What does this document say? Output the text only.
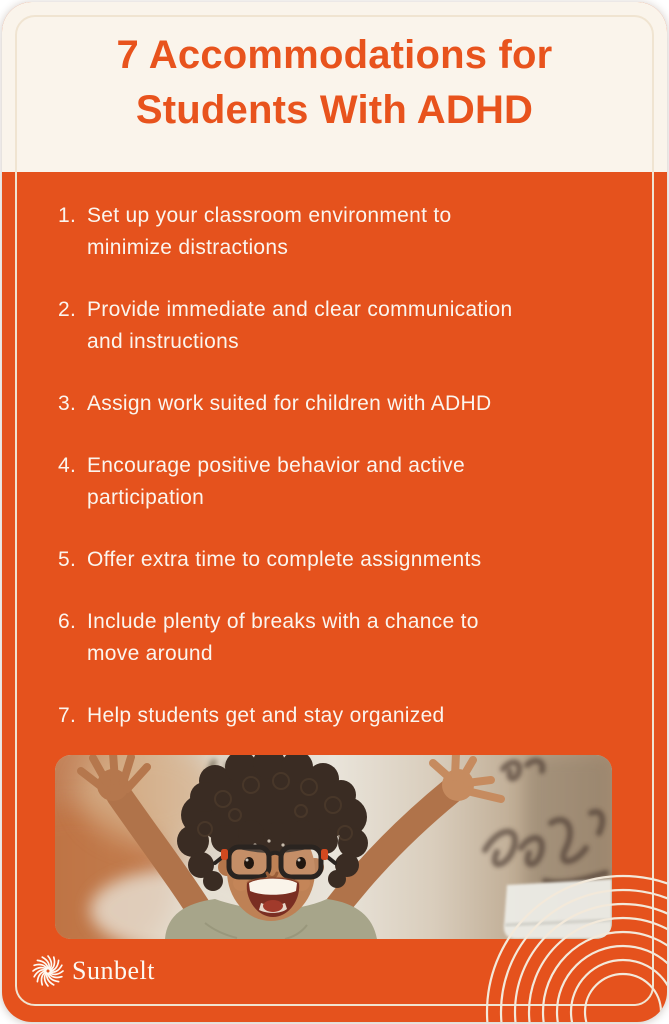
7 Accommodations for
Students With ADHD
1. Set up your classroom environment to
minimize distractions
2. Provide immediate and clear communication
and instructions
3. Assign work suited for children with ADHD
4. Encourage positive behavior and active
participation
5. Offer extra time to complete assignments
6. Include plenty of breaks with a chance to
move around
7. Help students get and stay organized
Sunbelt
